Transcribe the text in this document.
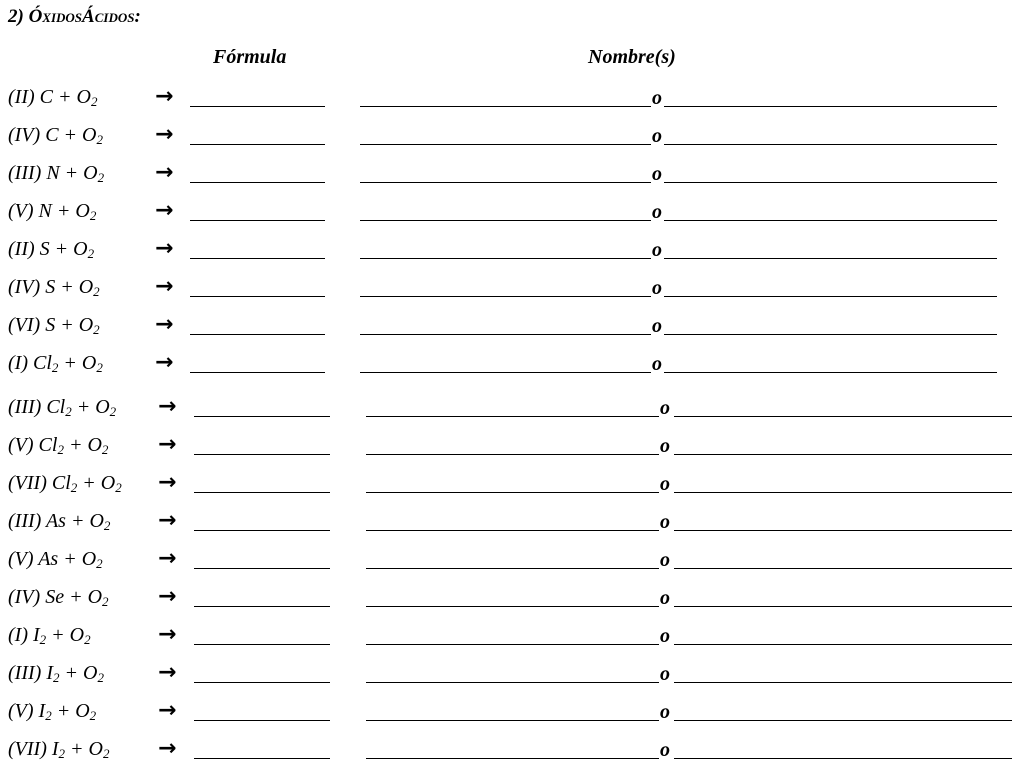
2) ÓxidosÁcidos:
Fórmula	Nombre(s)
(II) $C + O_2$	→	o
(IV) $C + O_2$ →	o
(III) $N + O_2$ →	o
(V) $N + O_2$	→	o
(II) $S + O_2$	→	o
(IV) $S + O_2$	→	o
(VI) $S + O_2$	→	o
(I) $Cl_2 + O_2$ →	o
(III) $Cl_2 + O_2$ →	o
(V) $Cl_2 + O_2$ →	o
(VII) $Cl_2 + O_2$ →	o
(III) $As + O_2$ →	o
(V) $As + O_2$	→	o
(IV) $Se + O_2$ →	o
(I) $I_2 + O_2$	→	o
(III) $I_2 + O_2$ →	o
(V) $I_2 + O_2$	→	o
(VII) $I_2 + O_2$ →	o
